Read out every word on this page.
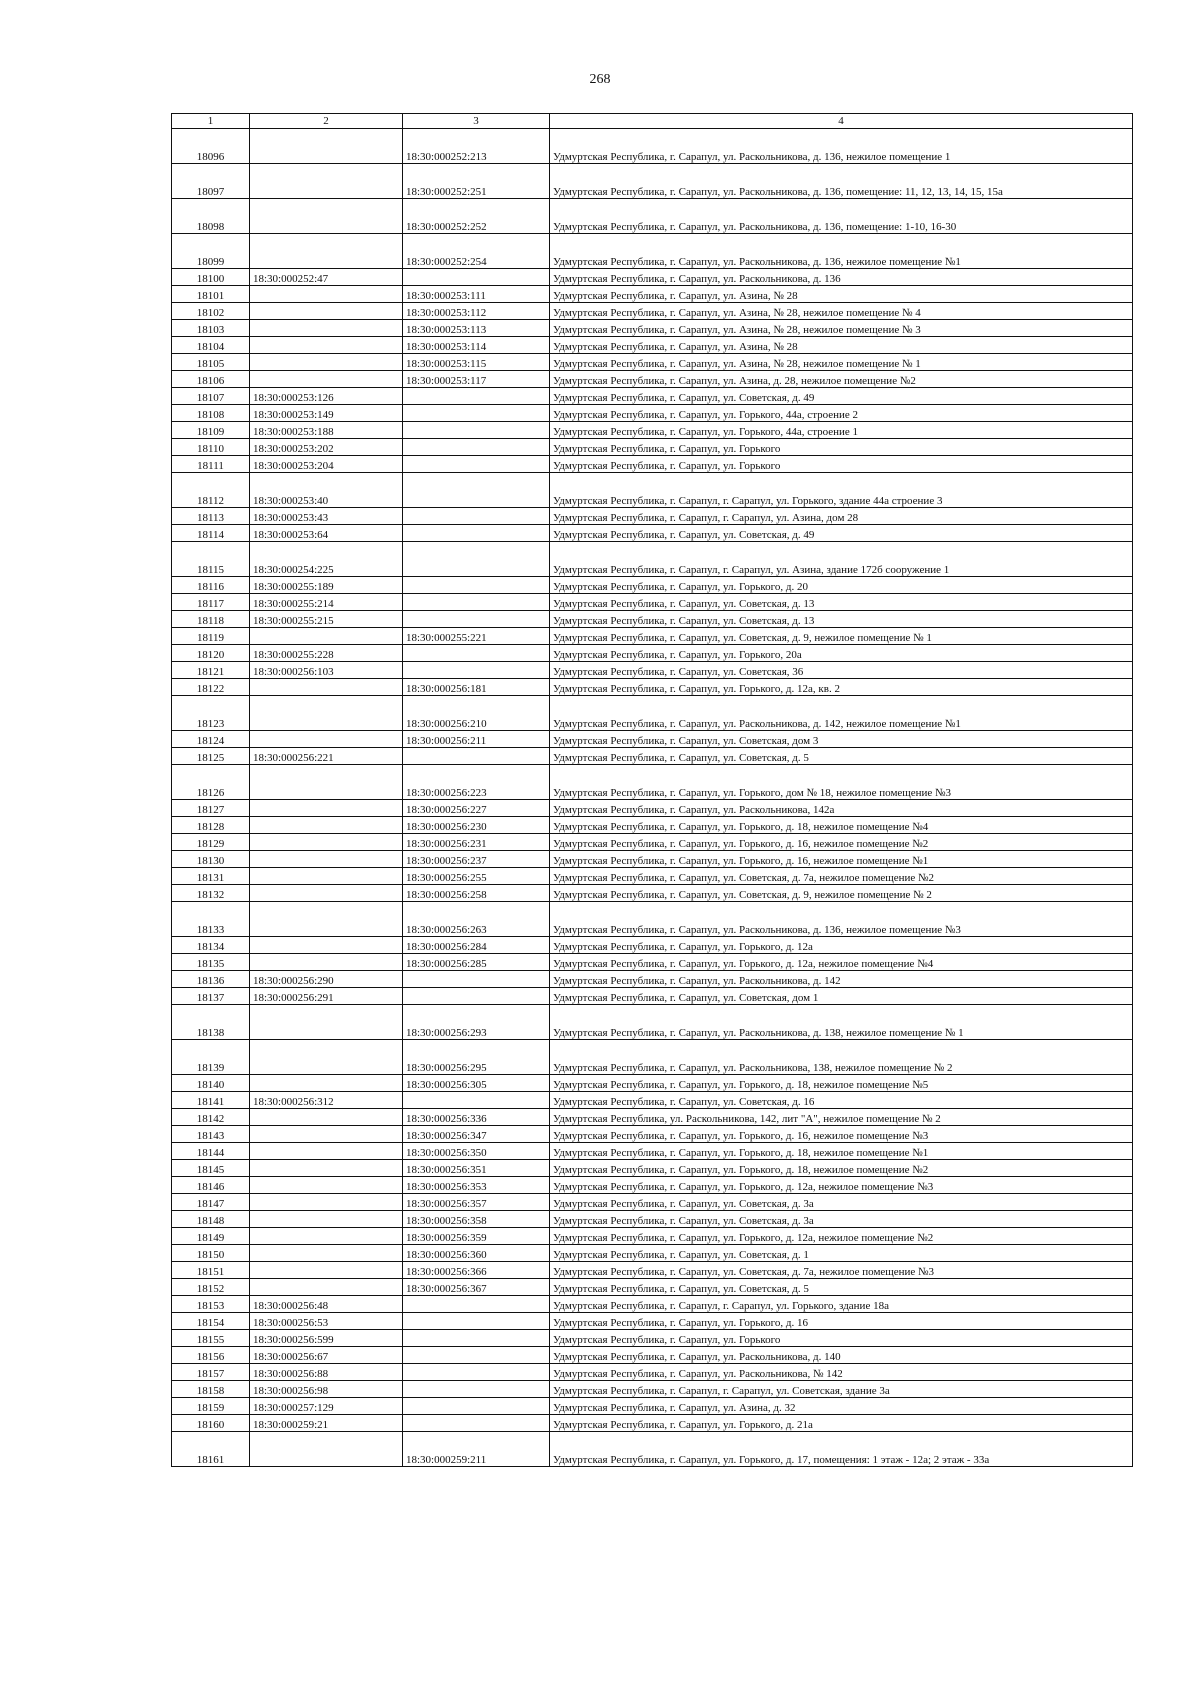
268
1	2	3	4
18096		18:30:000252:213	Удмуртская Республика, г. Сарапул, ул. Раскольникова, д. 136, нежилое помещение 1
18097		18:30:000252:251	Удмуртская Республика, г. Сарапул, ул. Раскольникова, д. 136, помещение: 11, 12, 13, 14, 15, 15а
18098		18:30:000252:252	Удмуртская Республика, г. Сарапул, ул. Раскольникова, д. 136, помещение: 1-10, 16-30
18099		18:30:000252:254	Удмуртская Республика, г. Сарапул, ул. Раскольникова, д. 136, нежилое помещение №1
18100	18:30:000252:47		Удмуртская Республика, г. Сарапул, ул. Раскольникова, д. 136
18101		18:30:000253:111	Удмуртская Республика, г. Сарапул, ул. Азина, № 28
18102		18:30:000253:112	Удмуртская Республика, г. Сарапул, ул. Азина, № 28, нежилое помещение № 4
18103		18:30:000253:113	Удмуртская Республика, г. Сарапул, ул. Азина, № 28, нежилое помещение № 3
18104		18:30:000253:114	Удмуртская Республика, г. Сарапул, ул. Азина, № 28
18105		18:30:000253:115	Удмуртская Республика, г. Сарапул, ул. Азина, № 28, нежилое помещение № 1
18106		18:30:000253:117	Удмуртская Республика, г. Сарапул, ул. Азина, д. 28, нежилое помещение №2
18107	18:30:000253:126		Удмуртская Республика, г. Сарапул, ул. Советская, д. 49
18108	18:30:000253:149		Удмуртская Республика, г. Сарапул, ул. Горького, 44а, строение 2
18109	18:30:000253:188		Удмуртская Республика, г. Сарапул, ул. Горького, 44а, строение 1
18110	18:30:000253:202		Удмуртская Республика, г. Сарапул, ул. Горького
18111	18:30:000253:204		Удмуртская Республика, г. Сарапул, ул. Горького
18112	18:30:000253:40		Удмуртская Республика, г. Сарапул, г. Сарапул, ул. Горького, здание 44а строение 3
18113	18:30:000253:43		Удмуртская Республика, г. Сарапул, г. Сарапул, ул. Азина, дом 28
18114	18:30:000253:64		Удмуртская Республика, г. Сарапул, ул. Советская, д. 49
18115	18:30:000254:225		Удмуртская Республика, г. Сарапул, г. Сарапул, ул. Азина, здание 172б сооружение 1
18116	18:30:000255:189		Удмуртская Республика, г. Сарапул, ул. Горького, д. 20
18117	18:30:000255:214		Удмуртская Республика, г. Сарапул, ул. Советская, д. 13
18118	18:30:000255:215		Удмуртская Республика, г. Сарапул, ул. Советская, д. 13
18119		18:30:000255:221	Удмуртская Республика, г. Сарапул, ул. Советская, д. 9, нежилое помещение № 1
18120	18:30:000255:228		Удмуртская Республика, г. Сарапул, ул. Горького, 20а
18121	18:30:000256:103		Удмуртская Республика, г. Сарапул, ул. Советская, 36
18122		18:30:000256:181	Удмуртская Республика, г. Сарапул, ул. Горького, д. 12а, кв. 2
18123		18:30:000256:210	Удмуртская Республика, г. Сарапул, ул. Раскольникова, д. 142, нежилое помещение №1
18124		18:30:000256:211	Удмуртская Республика, г. Сарапул, ул. Советская, дом 3
18125	18:30:000256:221		Удмуртская Республика, г. Сарапул, ул. Советская, д. 5
18126		18:30:000256:223	Удмуртская Республика, г. Сарапул, ул. Горького, дом № 18, нежилое помещение №3
18127		18:30:000256:227	Удмуртская Республика, г. Сарапул, ул. Раскольникова, 142а
18128		18:30:000256:230	Удмуртская Республика, г. Сарапул, ул. Горького, д. 18, нежилое помещение №4
18129		18:30:000256:231	Удмуртская Республика, г. Сарапул, ул. Горького, д. 16, нежилое помещение №2
18130		18:30:000256:237	Удмуртская Республика, г. Сарапул, ул. Горького, д. 16, нежилое помещение №1
18131		18:30:000256:255	Удмуртская Республика, г. Сарапул, ул. Советская, д. 7а, нежилое помещение №2
18132		18:30:000256:258	Удмуртская Республика, г. Сарапул, ул. Советская, д. 9, нежилое помещение № 2
18133		18:30:000256:263	Удмуртская Республика, г. Сарапул, ул. Раскольникова, д. 136, нежилое помещение №3
18134		18:30:000256:284	Удмуртская Республика, г. Сарапул, ул. Горького, д. 12а
18135		18:30:000256:285	Удмуртская Республика, г. Сарапул, ул. Горького, д. 12а, нежилое помещение №4
18136	18:30:000256:290		Удмуртская Республика, г. Сарапул, ул. Раскольникова, д. 142
18137	18:30:000256:291		Удмуртская Республика, г. Сарапул, ул. Советская, дом 1
18138		18:30:000256:293	Удмуртская Республика, г. Сарапул, ул. Раскольникова, д. 138, нежилое помещение № 1
18139		18:30:000256:295	Удмуртская Республика, г. Сарапул, ул. Раскольникова, 138, нежилое помещение № 2
18140		18:30:000256:305	Удмуртская Республика, г. Сарапул, ул. Горького, д. 18, нежилое помещение №5
18141	18:30:000256:312		Удмуртская Республика, г. Сарапул, ул. Советская, д. 16
18142		18:30:000256:336	Удмуртская Республика, ул. Раскольникова, 142, лит "А", нежилое помещение № 2
18143		18:30:000256:347	Удмуртская Республика, г. Сарапул, ул. Горького, д. 16, нежилое помещение №3
18144		18:30:000256:350	Удмуртская Республика, г. Сарапул, ул. Горького, д. 18, нежилое помещение №1
18145		18:30:000256:351	Удмуртская Республика, г. Сарапул, ул. Горького, д. 18, нежилое помещение №2
18146		18:30:000256:353	Удмуртская Республика, г. Сарапул, ул. Горького, д. 12а, нежилое помещение №3
18147		18:30:000256:357	Удмуртская Республика, г. Сарапул, ул. Советская, д. 3а
18148		18:30:000256:358	Удмуртская Республика, г. Сарапул, ул. Советская, д. 3а
18149		18:30:000256:359	Удмуртская Республика, г. Сарапул, ул. Горького, д. 12а, нежилое помещение №2
18150		18:30:000256:360	Удмуртская Республика, г. Сарапул, ул. Советская, д. 1
18151		18:30:000256:366	Удмуртская Республика, г. Сарапул, ул. Советская, д. 7а, нежилое помещение №3
18152		18:30:000256:367	Удмуртская Республика, г. Сарапул, ул. Советская, д. 5
18153	18:30:000256:48		Удмуртская Республика, г. Сарапул, г. Сарапул, ул. Горького, здание 18а
18154	18:30:000256:53		Удмуртская Республика, г. Сарапул, ул. Горького, д. 16
18155	18:30:000256:599		Удмуртская Республика, г. Сарапул, ул. Горького
18156	18:30:000256:67		Удмуртская Республика, г. Сарапул, ул. Раскольникова, д. 140
18157	18:30:000256:88		Удмуртская Республика, г. Сарапул, ул. Раскольникова, № 142
18158	18:30:000256:98		Удмуртская Республика, г. Сарапул, г. Сарапул, ул. Советская, здание 3а
18159	18:30:000257:129		Удмуртская Республика, г. Сарапул, ул. Азина, д. 32
18160	18:30:000259:21		Удмуртская Республика, г. Сарапул, ул. Горького, д. 21а
18161		18:30:000259:211	Удмуртская Республика, г. Сарапул, ул. Горького, д. 17, помещения: 1 этаж - 12а; 2 этаж - 33а
